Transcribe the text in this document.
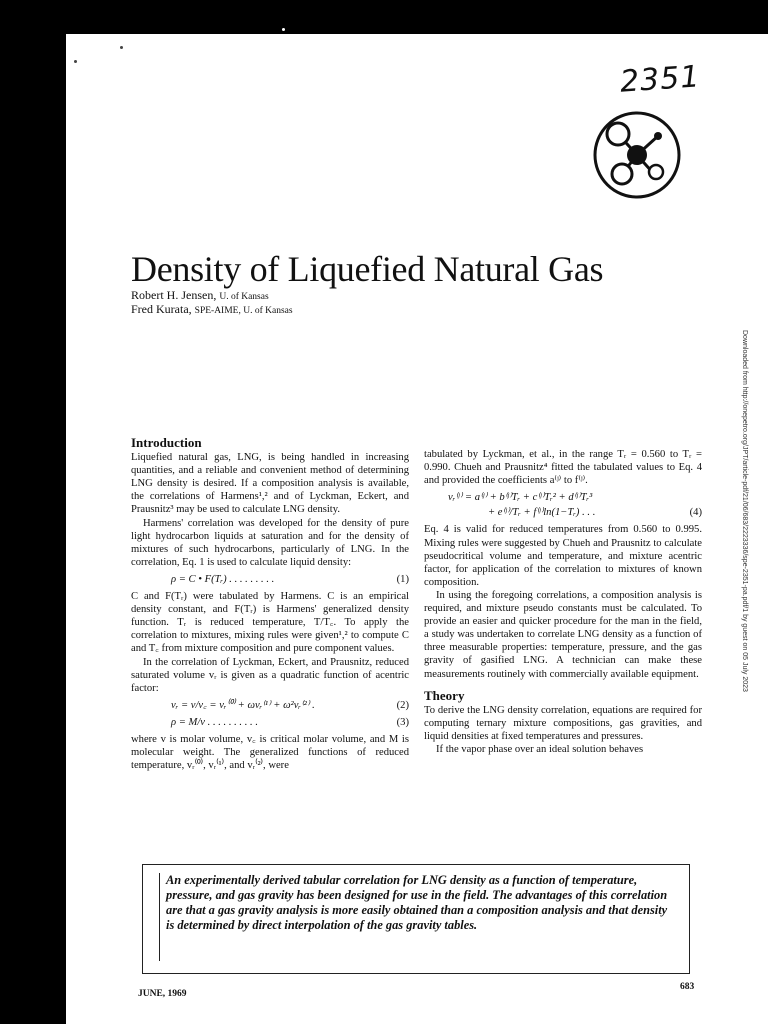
2351
Density of Liquefied Natural Gas
Robert H. Jensen, U. of Kansas
Fred Kurata, SPE-AIME, U. of Kansas
Downloaded from http://onepetro.org/JPT/article-pdf/21/06/683/2223336/spe-2351-pa.pdf/1 by guest on 05 July 2023
Introduction

Liquefied natural gas, LNG, is being handled in increasing quantities, and a reliable and convenient method of determining LNG density is desired. If a composition analysis is available, the correlations of Harmens¹,² and of Lyckman, Eckert, and Prausnitz³ may be used to calculate LNG density.

Harmens' correlation was developed for the density of pure light hydrocarbon liquids at saturation and for the density of mixtures of such hydrocarbons, particularly of LNG. In the correlation, Eq. 1 is used to calculate liquid density:

ρ = C • F(Tᵣ) . . . . . . . . .	(1)

C and F(Tᵣ) were tabulated by Harmens. C is an empirical density constant, and F(Tᵣ) is Harmens' generalized density function. Tᵣ is reduced temperature, T/T꜀. To apply the correlation to mixtures, mixing rules were given¹,² to compute C and T꜀ from mixture composition and pure component values.

In the correlation of Lyckman, Eckert, and Prausnitz, reduced saturated volume vᵣ is given as a quadratic function of acentric factor:

vᵣ = v/v꜀ = vᵣ⁽⁰⁾ + ωvᵣ⁽¹⁾ + ω²vᵣ⁽²⁾ .	(2)
ρ = M/v . . . . . . . . . .	(3)

where v is molar volume, v꜀ is critical molar volume, and M is molecular weight. The generalized functions of reduced temperature, vᵣ⁽⁰⁾, vᵣ⁽¹⁾, and vᵣ⁽²⁾, were

tabulated by Lyckman, et al., in the range Tᵣ = 0.560 to Tᵣ = 0.990. Chueh and Prausnitz⁴ fitted the tabulated values to Eq. 4 and provided the coefficients a⁽ʲ⁾ to f⁽ʲ⁾.

vᵣ⁽ʲ⁾ = a⁽ʲ⁾ + b⁽ʲ⁾Tᵣ + c⁽ʲ⁾Tᵣ² + d⁽ʲ⁾Tᵣ³
+ e⁽ʲ⁾/Tᵣ + f⁽ʲ⁾ln(1−Tᵣ) . . .	(4)

Eq. 4 is valid for reduced temperatures from 0.560 to 0.995. Mixing rules were suggested by Chueh and Prausnitz to calculate pseudocritical volume and temperature, and mixture acentric factor, for application of the correlation to mixtures of known composition.

In using the foregoing correlations, a composition analysis is required, and mixture pseudo constants must be calculated. To provide an easier and quicker procedure for the man in the field, a study was undertaken to correlate LNG density as a function of three measurable properties: temperature, pressure, and the gas gravity of gasified LNG. A technician can make these measurements routinely with commercially available equipment.

Theory

To derive the LNG density correlation, equations are required for computing ternary mixture compositions, gas gravities, and liquid densities at fixed temperatures and pressures.

If the vapor phase over an ideal solution behaves

An experimentally derived tabular correlation for LNG density as a function of temperature, pressure, and gas gravity has been designed for use in the field. The advantages of this correlation are that a gas gravity analysis is more easily obtained than a composition analysis and that density is determined by direct interpolation of the gas gravity tables.
JUNE, 1969
683
